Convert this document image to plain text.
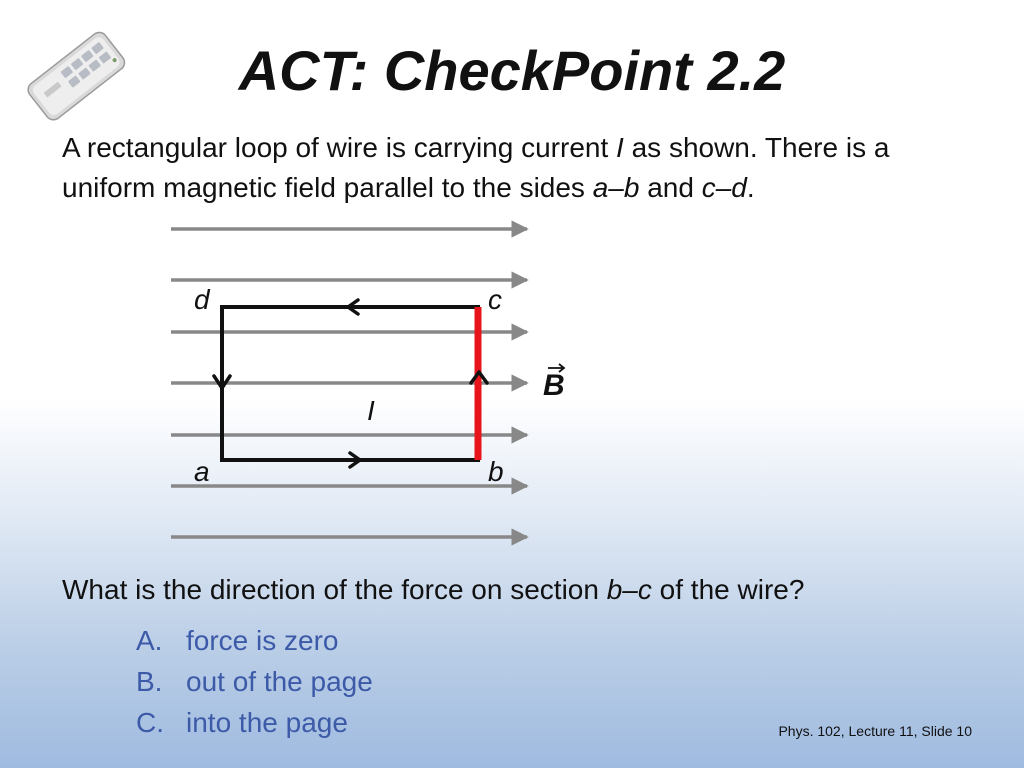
ACT: CheckPoint 2.2

A rectangular loop of wire is carrying current I as shown. There is a uniform magnetic field parallel to the sides a–b and c–d.

d	c
a	b
I
B

What is the direction of the force on section b–c of the wire?

A. force is zero
B. out of the page
C. into the page	Phys. 102, Lecture 11, Slide 10
